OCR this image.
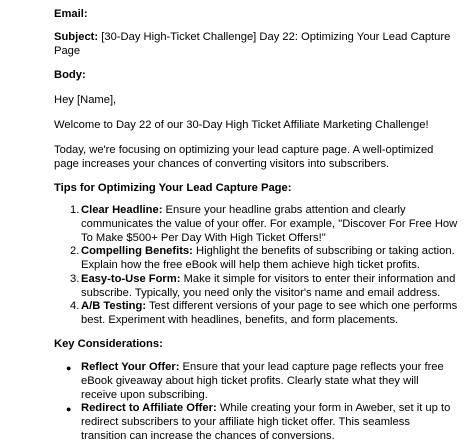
Email:
Subject: [30-Day High-Ticket Challenge] Day 22: Optimizing Your Lead Capture
Page
Body:
Hey [Name],
Welcome to Day 22 of our 30-Day High Ticket Affiliate Marketing Challenge!
Today, we're focusing on optimizing your lead capture page. A well-optimized
page increases your chances of converting visitors into subscribers.
Tips for Optimizing Your Lead Capture Page:
1. Clear Headline: Ensure your headline grabs attention and clearly
communicates the value of your offer. For example, "Discover For Free How
To Make $500+ Per Day With High Ticket Offers!"
2. Compelling Benefits: Highlight the benefits of subscribing or taking action.
Explain how the free eBook will help them achieve high ticket profits.
3. Easy-to-Use Form: Make it simple for visitors to enter their information and
subscribe. Typically, you need only the visitor's name and email address.
4. A/B Testing: Test different versions of your page to see which one performs
best. Experiment with headlines, benefits, and form placements.
Key Considerations:
● Reflect Your Offer: Ensure that your lead capture page reflects your free
eBook giveaway about high ticket profits. Clearly state what they will
receive upon subscribing.
● Redirect to Affiliate Offer: While creating your form in Aweber, set it up to
redirect subscribers to your affiliate high ticket offer. This seamless
transition can increase the chances of conversions.
